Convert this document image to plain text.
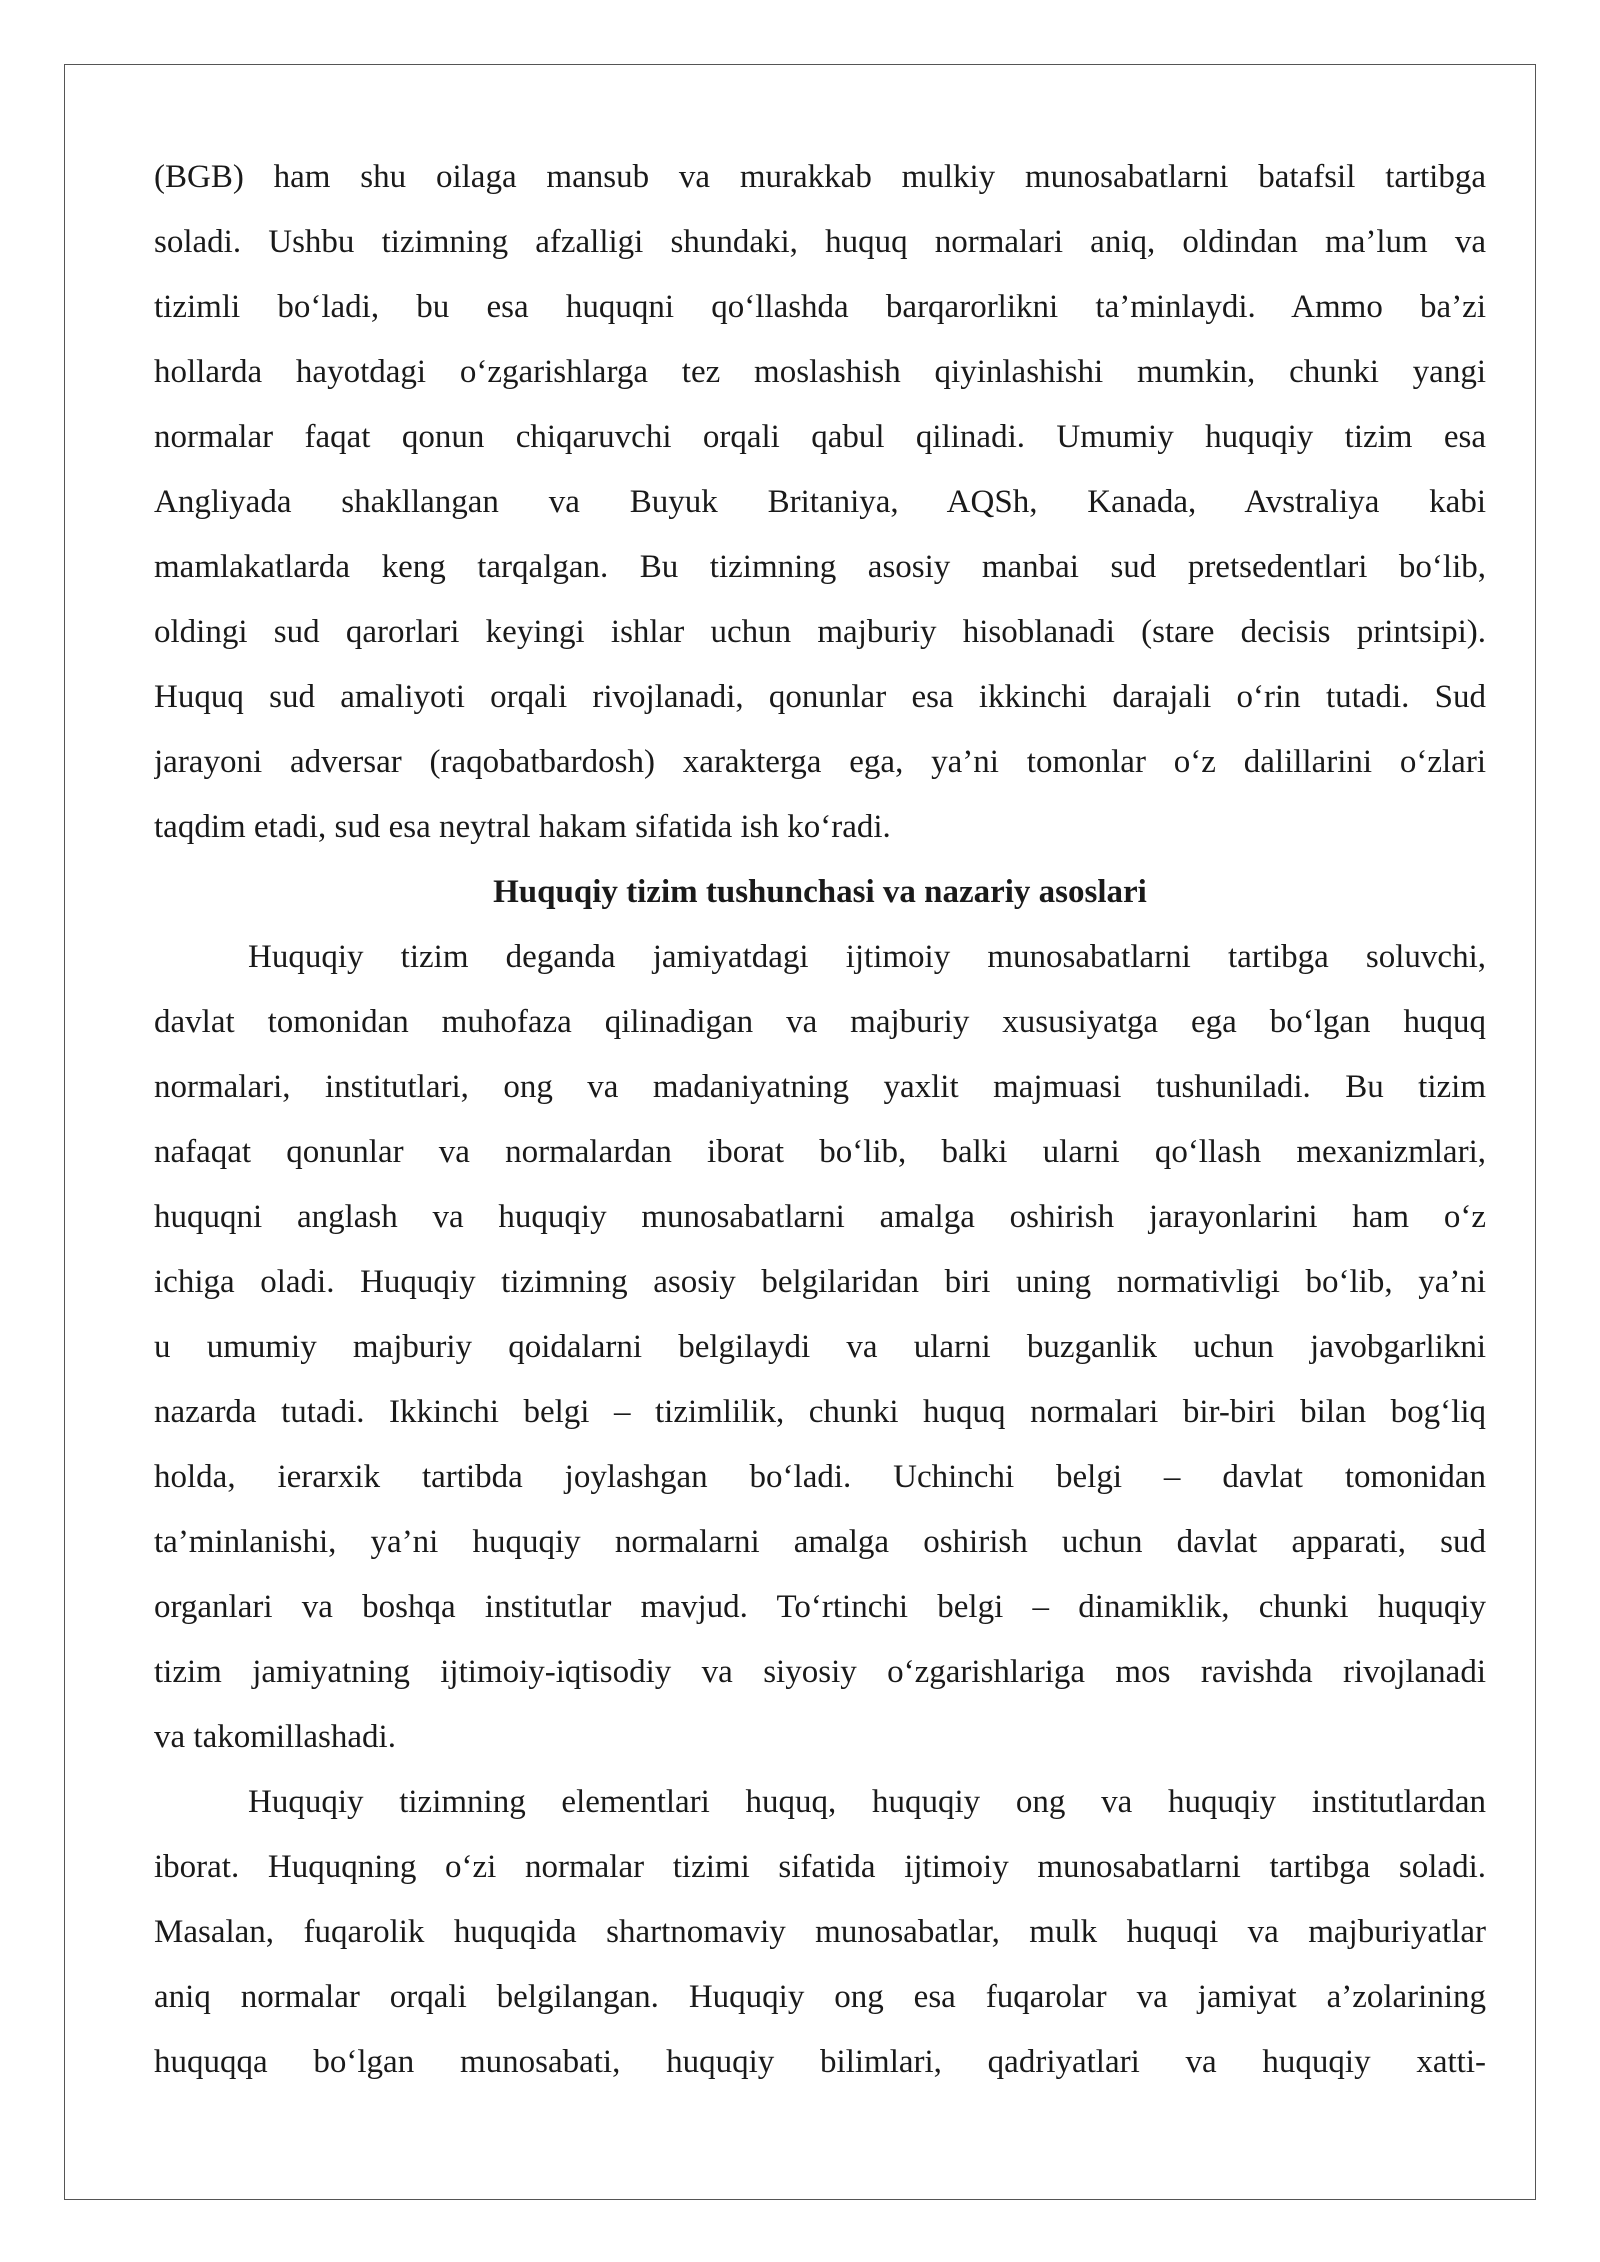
(BGB) ham shu oilaga mansub va murakkab mulkiy munosabatlarni batafsil tartibga
soladi. Ushbu tizimning afzalligi shundaki, huquq normalari aniq, oldindan ma’lum va
tizimli bo‘ladi, bu esa huquqni qo‘llashda barqarorlikni ta’minlaydi. Ammo ba’zi
hollarda hayotdagi o‘zgarishlarga tez moslashish qiyinlashishi mumkin, chunki yangi
normalar faqat qonun chiqaruvchi orqali qabul qilinadi. Umumiy huquqiy tizim esa
Angliyada shakllangan va Buyuk Britaniya, AQSh, Kanada, Avstraliya kabi
mamlakatlarda keng tarqalgan. Bu tizimning asosiy manbai sud pretsedentlari bo‘lib,
oldingi sud qarorlari keyingi ishlar uchun majburiy hisoblanadi (stare decisis printsipi).
Huquq sud amaliyoti orqali rivojlanadi, qonunlar esa ikkinchi darajali o‘rin tutadi. Sud
jarayoni adversar (raqobatbardosh) xarakterga ega, ya’ni tomonlar o‘z dalillarini o‘zlari
taqdim etadi, sud esa neytral hakam sifatida ish ko‘radi.
Huquqiy tizim tushunchasi va nazariy asoslari
Huquqiy tizim deganda jamiyatdagi ijtimoiy munosabatlarni tartibga soluvchi,
davlat tomonidan muhofaza qilinadigan va majburiy xususiyatga ega bo‘lgan huquq
normalari, institutlari, ong va madaniyatning yaxlit majmuasi tushuniladi. Bu tizim
nafaqat qonunlar va normalardan iborat bo‘lib, balki ularni qo‘llash mexanizmlari,
huquqni anglash va huquqiy munosabatlarni amalga oshirish jarayonlarini ham o‘z
ichiga oladi. Huquqiy tizimning asosiy belgilaridan biri uning normativligi bo‘lib, ya’ni
u umumiy majburiy qoidalarni belgilaydi va ularni buzganlik uchun javobgarlikni
nazarda tutadi. Ikkinchi belgi – tizimlilik, chunki huquq normalari bir-biri bilan bog‘liq
holda, ierarxik tartibda joylashgan bo‘ladi. Uchinchi belgi – davlat tomonidan
ta’minlanishi, ya’ni huquqiy normalarni amalga oshirish uchun davlat apparati, sud
organlari va boshqa institutlar mavjud. To‘rtinchi belgi – dinamiklik, chunki huquqiy
tizim jamiyatning ijtimoiy-iqtisodiy va siyosiy o‘zgarishlariga mos ravishda rivojlanadi
va takomillashadi.
Huquqiy tizimning elementlari huquq, huquqiy ong va huquqiy institutlardan
iborat. Huquqning o‘zi normalar tizimi sifatida ijtimoiy munosabatlarni tartibga soladi.
Masalan, fuqarolik huquqida shartnomaviy munosabatlar, mulk huquqi va majburiyatlar
aniq normalar orqali belgilangan. Huquqiy ong esa fuqarolar va jamiyat a’zolarining
huquqqa bo‘lgan munosabati, huquqiy bilimlari, qadriyatlari va huquqiy xatti-
